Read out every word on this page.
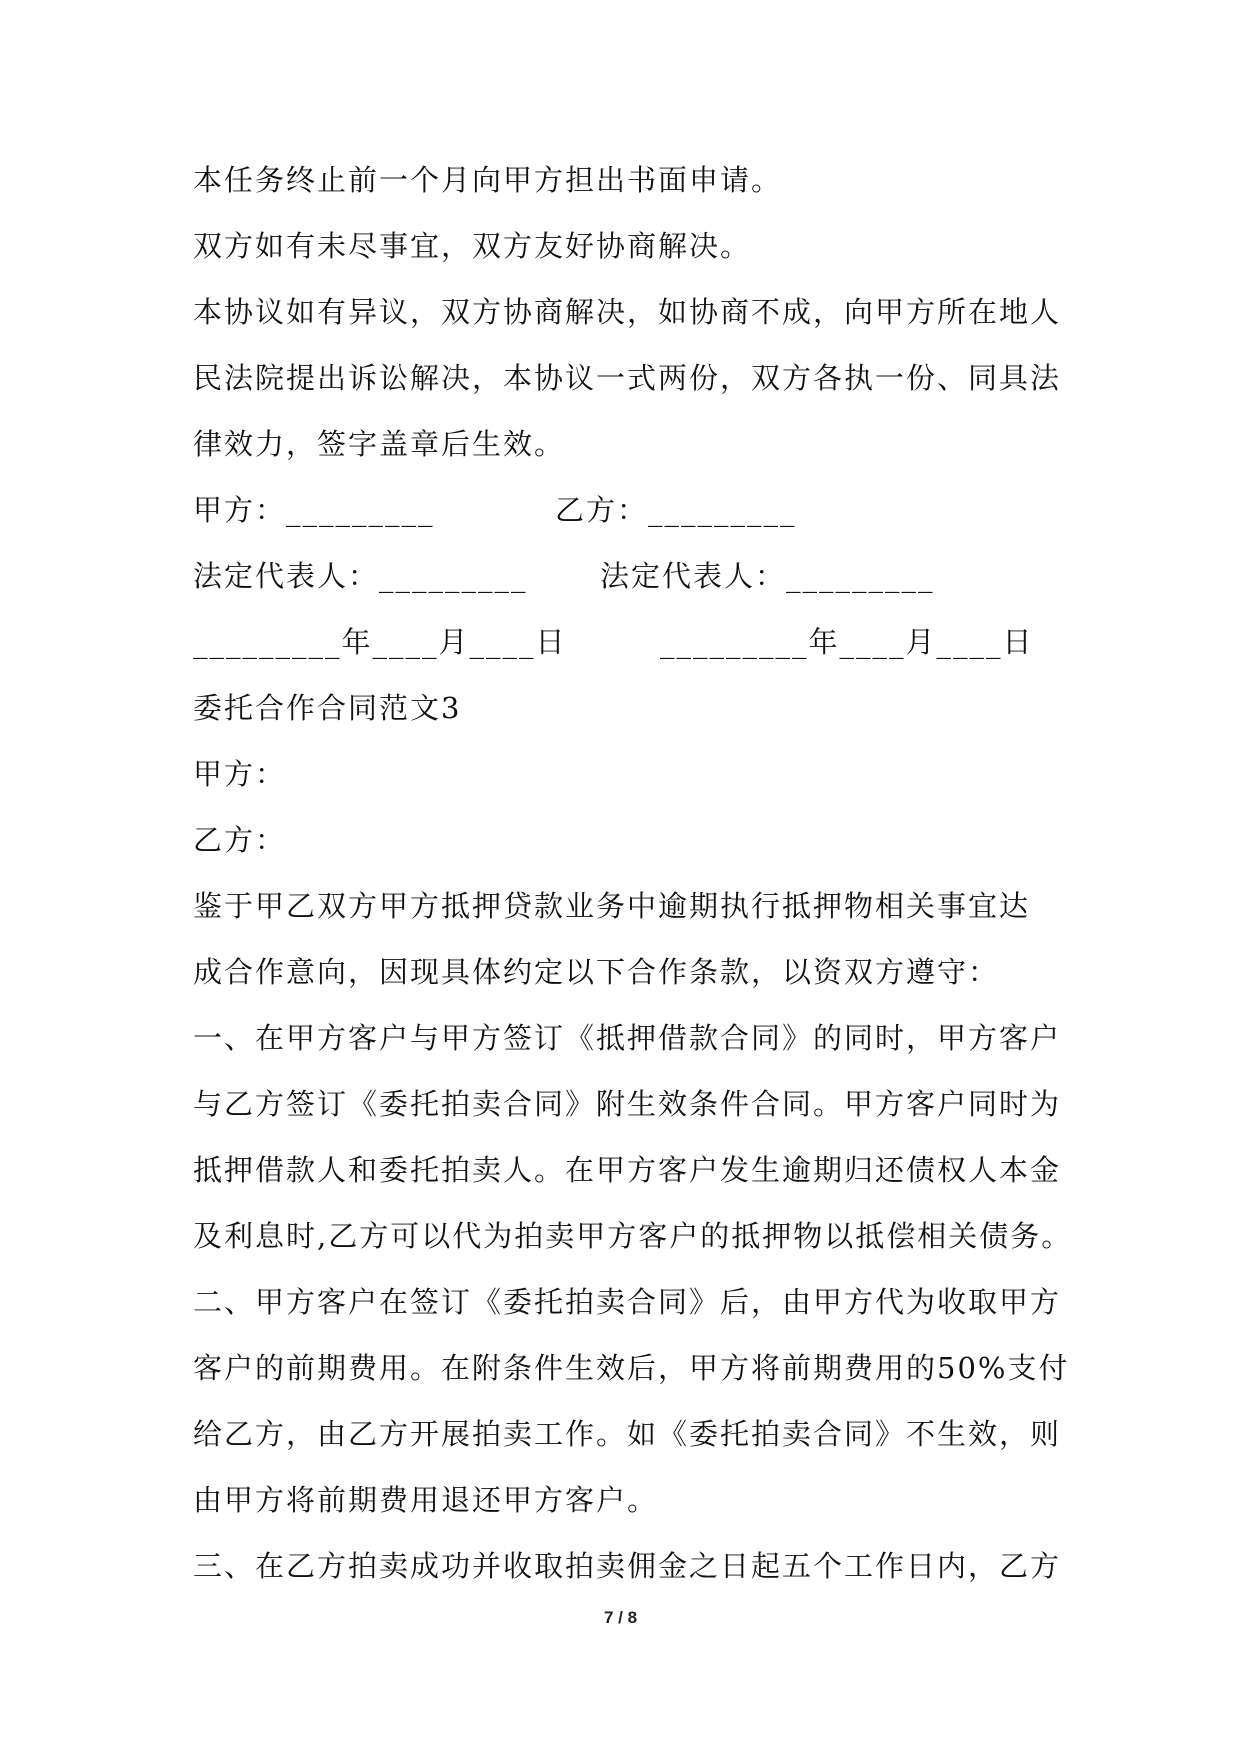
本任务终止前一个月向甲方担出书面申请。

双方如有未尽事宜，双方友好协商解决。

本协议如有异议，双方协商解决，如协商不成，向甲方所在地人

民法院提出诉讼解决，本协议一式两份，双方各执一份、同具法

律效力，签字盖章后生效。

甲方：_________	乙方：_________

法定代表人：_________ 法定代表人：_________

_________年____月____日	_________年____月____日

委托合作合同范文3

甲方：

乙方：

鉴于甲乙双方甲方抵押贷款业务中逾期执行抵押物相关事宜达

成合作意向，因现具体约定以下合作条款，以资双方遵守：

一、在甲方客户与甲方签订《抵押借款合同》的同时，甲方客户

与乙方签订《委托拍卖合同》附生效条件合同。甲方客户同时为

抵押借款人和委托拍卖人。在甲方客户发生逾期归还债权人本金

及利息时,乙方可以代为拍卖甲方客户的抵押物以抵偿相关债务。

二、甲方客户在签订《委托拍卖合同》后，由甲方代为收取甲方

客户的前期费用。在附条件生效后，甲方将前期费用的50%支付

给乙方，由乙方开展拍卖工作。如《委托拍卖合同》不生效，则

由甲方将前期费用退还甲方客户。

三、在乙方拍卖成功并收取拍卖佣金之日起五个工作日内，乙方

7 / 8
